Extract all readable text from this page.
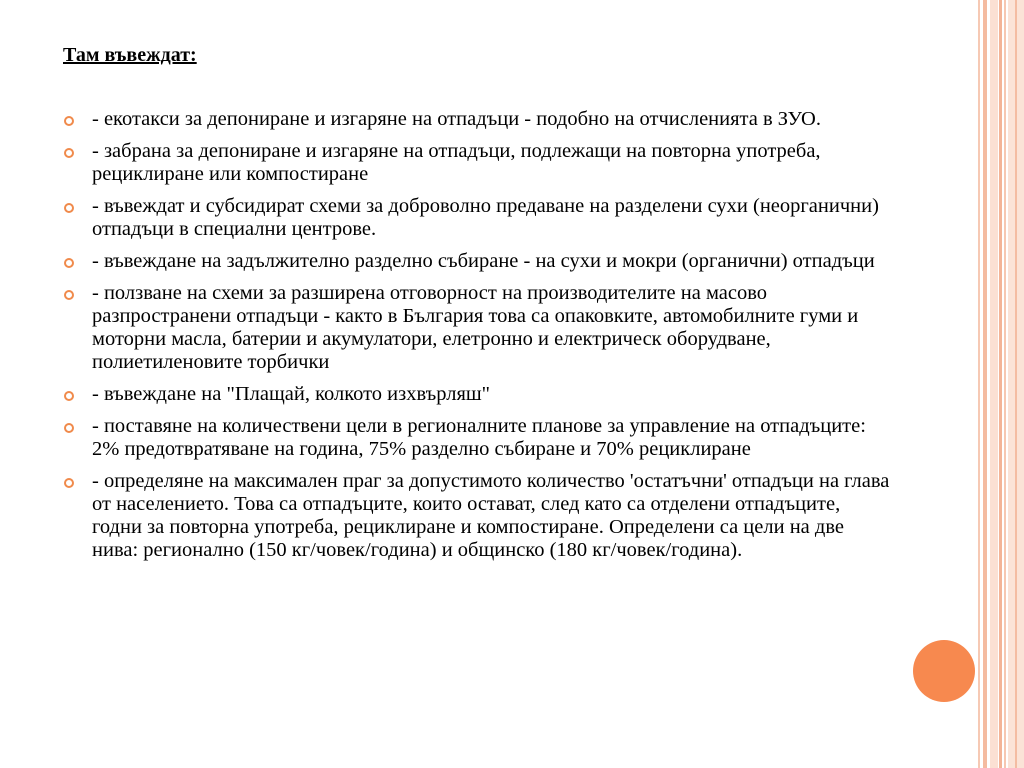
Там въвеждат:
- екотакси за депониране и изгаряне на отпадъци - подобно на отчисленията в ЗУО.
- забрана за депониране и изгаряне на отпадъци, подлежащи на повторна употреба, рециклиране или компостиране
- въвеждат и субсидират схеми за доброволно предаване на разделени сухи (неорганични) отпадъци в специални центрове.
- въвеждане на задължително разделно събиране - на сухи и мокри (органични) отпадъци
- ползване на схеми за разширена отговорност на производителите на масово разпространени отпадъци - както в България това са опаковките, автомобилните гуми и моторни масла, батерии и акумулатори, елетронно и електрическ оборудване, полиетиленовите торбички
- въвеждане на "Плащай, колкото изхвърляш"
- поставяне на количествени цели в регионалните планове за управление на отпадъците: 2% предотвратяване на година, 75% разделно събиране и 70% рециклиране
- определяне на максимален праг за допустимото количество 'остатъчни' отпадъци на глава от населението. Това са отпадъците, които остават, след като са отделени отпадъците, годни за повторна употреба, рециклиране и компостиране. Определени са цели на две нива: регионално (150 кг/човек/година) и общинско (180 кг/човек/година).
